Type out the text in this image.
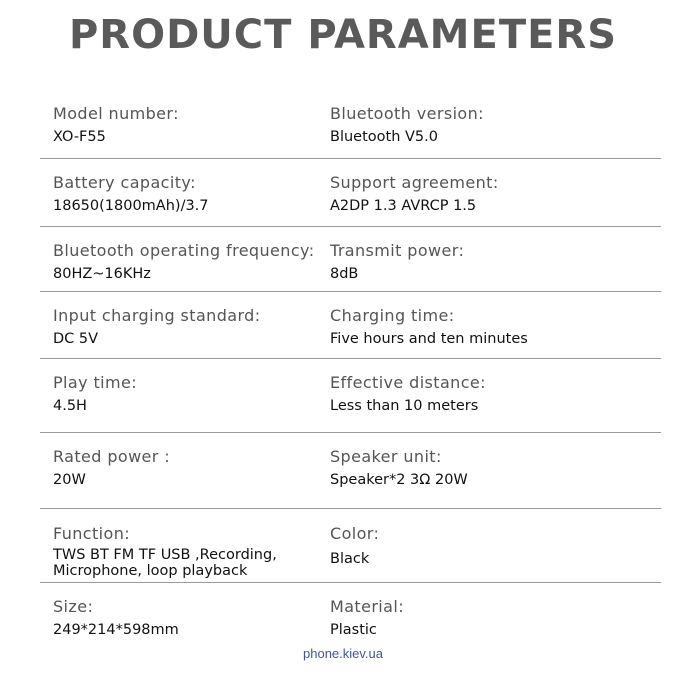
PRODUCT PARAMETERS
Model number:
XO-F55
Bluetooth version:
Bluetooth V5.0
Battery capacity:
18650(1800mAh)/3.7
Support agreement:
A2DP 1.3 AVRCP 1.5
Bluetooth operating frequency:
80HZ~16KHz
Transmit power:
8dB
Input charging standard:
DC 5V
Charging time:
Five hours and ten minutes
Play time:
4.5H
Effective distance:
Less than 10 meters
Rated power :
20W
Speaker unit:
Speaker*2 3Ω 20W
Function:
TWS BT FM TF USB ,Recording,
Microphone, loop playback
Color:
Black
Size:
249*214*598mm
Material:
Plastic
phone.kiev.ua
